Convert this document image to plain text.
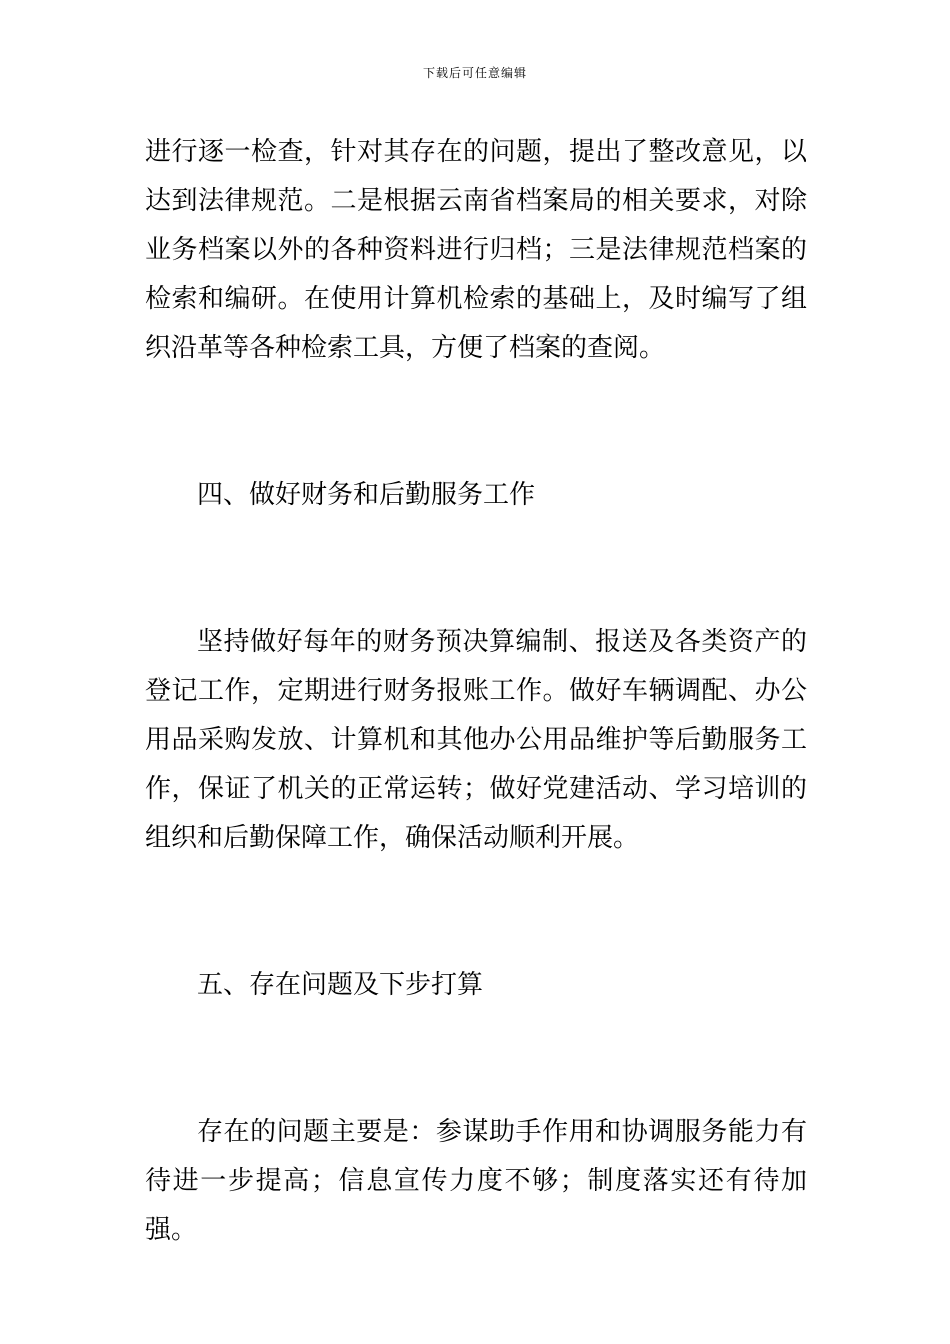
下载后可任意编辑

进行逐一检查，针对其存在的问题，提出了整改意见，以达到法律规范。二是根据云南省档案局的相关要求，对除业务档案以外的各种资料进行归档；三是法律规范档案的检索和编研。在使用计算机检索的基础上，及时编写了组织沿革等各种检索工具，方便了档案的查阅。

四、做好财务和后勤服务工作

坚持做好每年的财务预决算编制、报送及各类资产的登记工作，定期进行财务报账工作。做好车辆调配、办公用品采购发放、计算机和其他办公用品维护等后勤服务工作，保证了机关的正常运转；做好党建活动、学习培训的组织和后勤保障工作，确保活动顺利开展。

五、存在问题及下步打算

存在的问题主要是：参谋助手作用和协调服务能力有待进一步提高；信息宣传力度不够；制度落实还有待加强。
